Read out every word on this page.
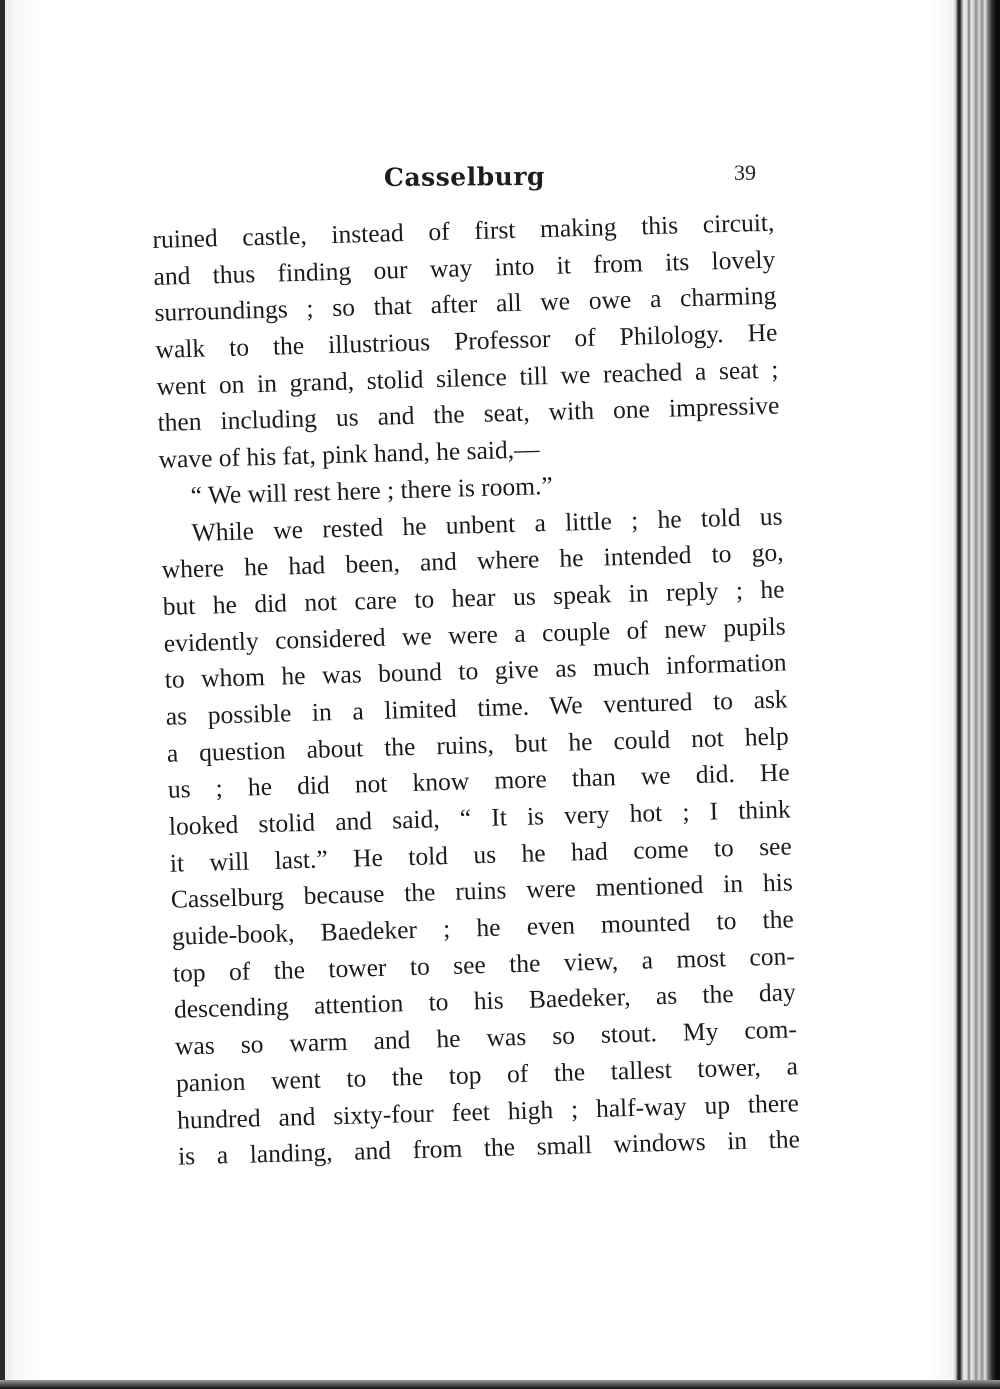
Casselburg	39
ruined castle, instead of first making this circuit,
and thus finding our way into it from its lovely
surroundings ; so that after all we owe a charming
walk to the illustrious Professor of Philology. He
went on in grand, stolid silence till we reached a seat ;
then including us and the seat, with one impressive
wave of his fat, pink hand, he said,—
“ We will rest here ; there is room.”
While we rested he unbent a little ; he told us
where he had been, and where he intended to go,
but he did not care to hear us speak in reply ; he
evidently considered we were a couple of new pupils
to whom he was bound to give as much information
as possible in a limited time. We ventured to ask
a question about the ruins, but he could not help
us ; he did not know more than we did. He
looked stolid and said, “ It is very hot ; I think
it will last.” He told us he had come to see
Casselburg because the ruins were mentioned in his
guide-book, Baedeker ; he even mounted to the
top of the tower to see the view, a most con-
descending attention to his Baedeker, as the day
was so warm and he was so stout. My com-
panion went to the top of the tallest tower, a
hundred and sixty-four feet high ; half-way up there
is a landing, and from the small windows in the
